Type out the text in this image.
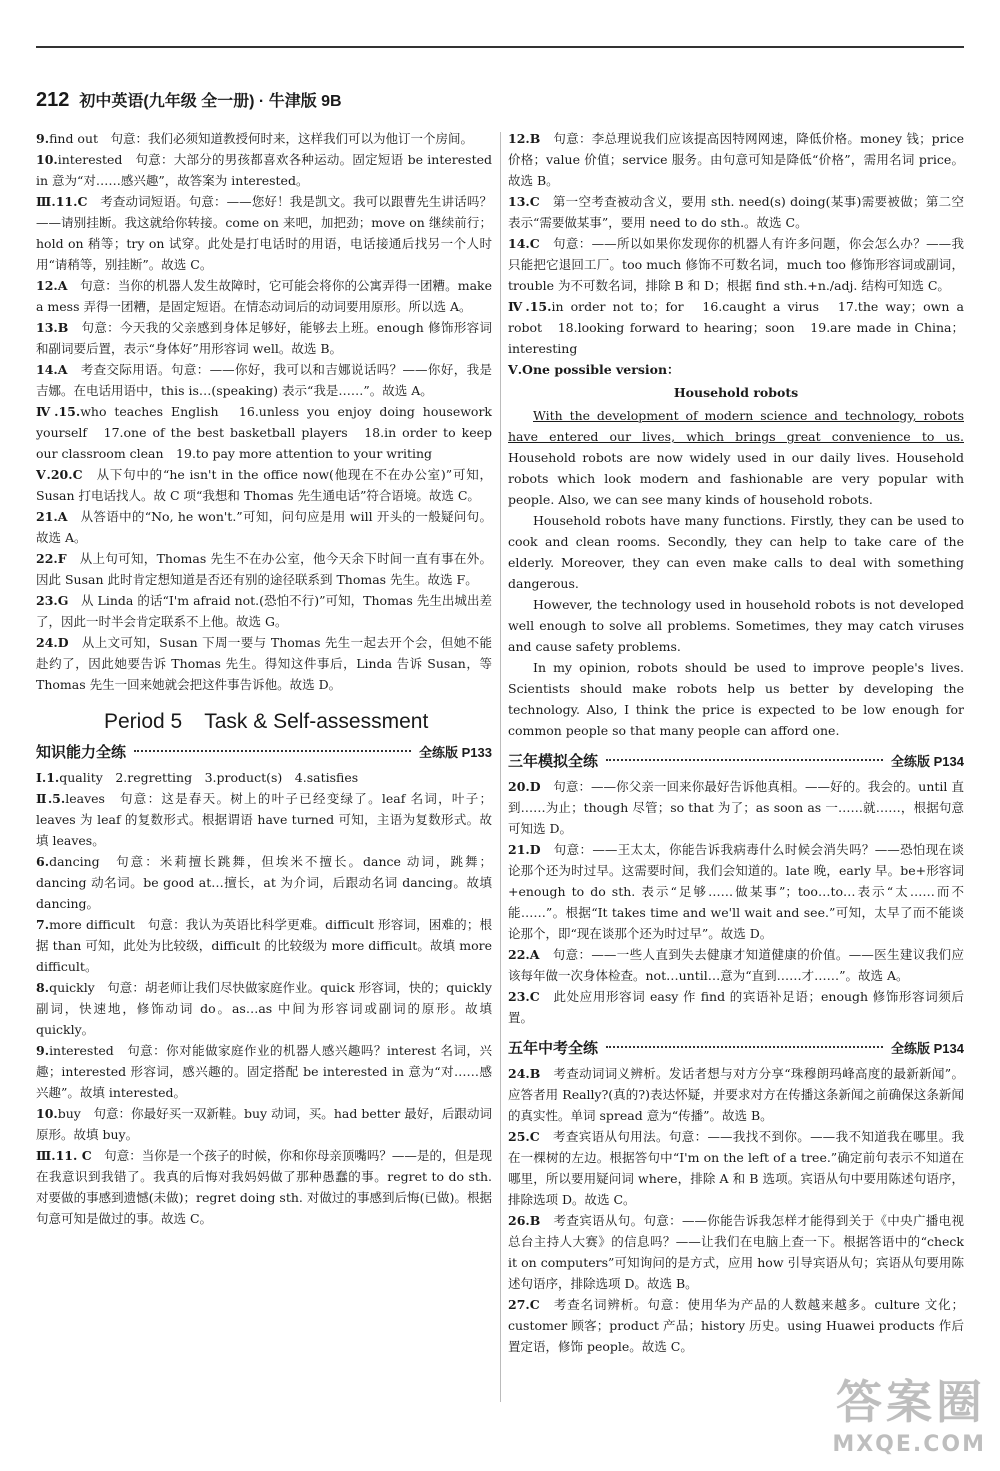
212 初中英语(九年级 全一册) · 牛津版 9B

9.find out　句意：我们必须知道教授何时来，这样我们可以为他订一个房间。

10.interested　句意：大部分的男孩都喜欢各种运动。固定短语 be interested in 意为“对……感兴趣”，故答案为 interested。

Ⅲ.11.C　考查动词短语。句意：——您好！我是凯文。我可以跟曹先生讲话吗？——请别挂断。我这就给你转接。come on 来吧，加把劲；move on 继续前行；hold on 稍等；try on 试穿。此处是打电话时的用语，电话接通后找另一个人时用“请稍等，别挂断”。故选 C。

12.A　句意：当你的机器人发生故障时，它可能会将你的公寓弄得一团糟。make a mess 弄得一团糟，是固定短语。在情态动词后的动词要用原形。所以选 A。

13.B　句意：今天我的父亲感到身体足够好，能够去上班。enough 修饰形容词和副词要后置，表示“身体好”用形容词 well。故选 B。

14.A　考查交际用语。句意：——你好，我可以和吉娜说话吗？——你好，我是吉娜。在电话用语中，this is…(speaking) 表示“我是……”。故选 A。

Ⅳ.15.who teaches English　16.unless you enjoy doing housework yourself　17.one of the best basketball players　18.in order to keep our classroom clean　19.to pay more attention to your writing

Ⅴ.20.C　从下句中的“he isn't in the office now(他现在不在办公室)”可知，Susan 打电话找人。故 C 项“我想和 Thomas 先生通电话”符合语境。故选 C。

21.A　从答语中的“No, he won't.”可知，问句应是用 will 开头的一般疑问句。故选 A。

22.F　从上句可知，Thomas 先生不在办公室，他今天余下时间一直有事在外。因此 Susan 此时肯定想知道是否还有别的途径联系到 Thomas 先生。故选 F。

23.G　从 Linda 的话“I'm afraid not.(恐怕不行)”可知，Thomas 先生出城出差了，因此一时半会肯定联系不上他。故选 G。

24.D　从上文可知，Susan 下周一要与 Thomas 先生一起去开个会，但她不能赴约了，因此她要告诉 Thomas 先生。得知这件事后，Linda 告诉 Susan，等 Thomas 先生一回来她就会把这件事告诉他。故选 D。

Period 5 Task & Self-assessment
知识能力全练	全练版 P133

Ⅰ.1.quality　2.regretting　3.product(s)　4.satisfies

Ⅱ.5.leaves　句意：这是春天。树上的叶子已经变绿了。leaf 名词，叶子；leaves 为 leaf 的复数形式。根据谓语 have turned 可知，主语为复数形式。故填 leaves。

6.dancing　句意：米莉擅长跳舞，但埃米不擅长。dance 动词，跳舞；dancing 动名词。be good at…擅长，at 为介词，后跟动名词 dancing。故填 dancing。

7.more difficult　句意：我认为英语比科学更难。difficult 形容词，困难的；根据 than 可知，此处为比较级，difficult 的比较级为 more difficult。故填 more difficult。

8.quickly　句意：胡老师让我们尽快做家庭作业。quick 形容词，快的；quickly 副词，快速地，修饰动词 do。as…as 中间为形容词或副词的原形。故填 quickly。

9.interested　句意：你对能做家庭作业的机器人感兴趣吗？interest 名词，兴趣；interested 形容词，感兴趣的。固定搭配 be interested in 意为“对……感兴趣”。故填 interested。

10.buy　句意：你最好买一双新鞋。buy 动词，买。had better 最好，后跟动词原形。故填 buy。

Ⅲ.11. C　句意：当你是一个孩子的时候，你和你母亲顶嘴吗？——是的，但是现在我意识到我错了。我真的后悔对我妈妈做了那种愚蠢的事。regret to do sth. 对要做的事感到遗憾(未做)；regret doing sth. 对做过的事感到后悔(已做)。根据句意可知是做过的事。故选 C。

12.B　句意：李总理说我们应该提高因特网网速，降低价格。money 钱；price 价格；value 价值；service 服务。由句意可知是降低“价格”，需用名词 price。故选 B。

13.C　第一空考查被动含义，要用 sth. need(s) doing(某事)需要被做；第二空表示“需要做某事”，要用 need to do sth.。故选 C。

14.C　句意：——所以如果你发现你的机器人有许多问题，你会怎么办？——我只能把它退回工厂。too much 修饰不可数名词，much too 修饰形容词或副词，trouble 为不可数名词，排除 B 和 D；根据 find sth.+n./adj. 结构可知选 C。

Ⅳ.15.in order not to；for　16.caught a virus　17.the way；own a robot　18.looking forward to hearing；soon　19.are made in China；interesting

Ⅴ.One possible version：

Household robots

With the development of modern science and technology, robots have entered our lives, which brings great convenience to us. Household robots are now widely used in our daily lives. Household robots which look modern and fashionable are very popular with people. Also, we can see many kinds of household robots.

Household robots have many functions. Firstly, they can be used to cook and clean rooms. Secondly, they can help to take care of the elderly. Moreover, they can even make calls to deal with something dangerous.

However, the technology used in household robots is not developed well enough to solve all problems. Sometimes, they may catch viruses and cause safety problems.

In my opinion, robots should be used to improve people's lives. Scientists should make robots help us better by developing the technology. Also, I think the price is expected to be low enough for common people so that many people can afford one.

三年模拟全练	全练版 P134

20.D　句意：——你父亲一回来你最好告诉他真相。——好的。我会的。until 直到……为止；though 尽管；so that 为了；as soon as 一……就……，根据句意可知选 D。

21.D　句意：——王太太，你能告诉我病毒什么时候会消失吗？——恐怕现在谈论那个还为时过早。这需要时间，我们会知道的。late 晚，early 早。be+形容词+enough to do sth. 表示“足够……做某事”；too…to…表示“太……而不能……”。根据“It takes time and we'll wait and see.”可知，太早了而不能谈论那个，即“现在谈那个还为时过早”。故选 D。

22.A　句意：——一些人直到失去健康才知道健康的价值。——医生建议我们应该每年做一次身体检查。not…until…意为“直到……才……”。故选 A。

23.C　此处应用形容词 easy 作 find 的宾语补足语；enough 修饰形容词须后置。

五年中考全练	全练版 P134

24.B　考查动词词义辨析。发话者想与对方分享“珠穆朗玛峰高度的最新新闻”。应答者用 Really?(真的?)表达怀疑，并要求对方在传播这条新闻之前确保这条新闻的真实性。单词 spread 意为“传播”。故选 B。

25.C　考查宾语从句用法。句意：——我找不到你。——我不知道我在哪里。我在一棵树的左边。根据答句中“I'm on the left of a tree.”确定前句表示不知道在哪里，所以要用疑问词 where，排除 A 和 B 选项。宾语从句中要用陈述句语序，排除选项 D。故选 C。

26.B　考查宾语从句。句意：——你能告诉我怎样才能得到关于《中央广播电视总台主持人大赛》的信息吗？——让我们在电脑上查一下。根据答语中的“check it on computers”可知询问的是方式，应用 how 引导宾语从句；宾语从句要用陈述句语序，排除选项 D。故选 B。

27.C　考查名词辨析。句意：使用华为产品的人数越来越多。culture 文化；customer 顾客；product 产品；history 历史。using Huawei products 作后置定语，修饰 people。故选 C。

答案圈
MXQE.COM
